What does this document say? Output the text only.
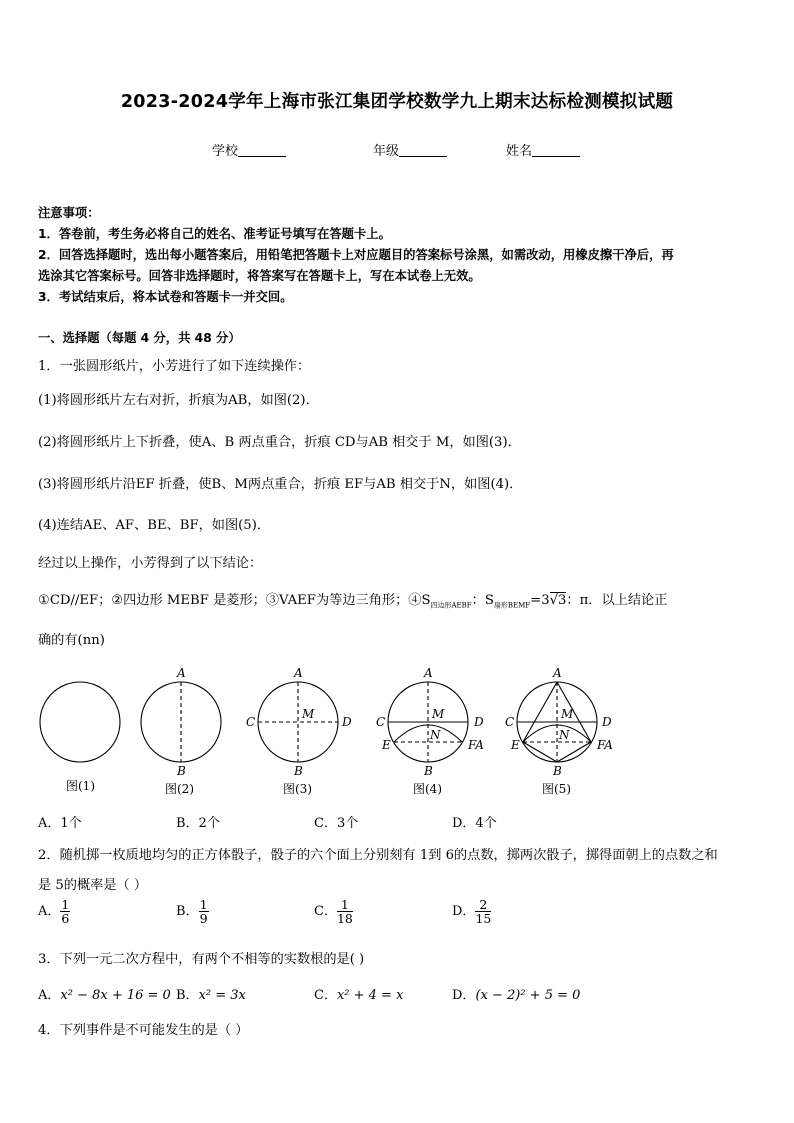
2023-2024学年上海市张江集团学校数学九上期末达标检测模拟试题
学校	年级	姓名
注意事项：
1．答卷前，考生务必将自己的姓名、准考证号填写在答题卡上。
2．回答选择题时，选出每小题答案后，用铅笔把答题卡上对应题目的答案标号涂黑，如需改动，用橡皮擦干净后，再
选涂其它答案标号。回答非选择题时，将答案写在答题卡上，写在本试卷上无效。
3．考试结束后，将本试卷和答题卡一并交回。
一、选择题（每题 4 分，共 48 分）
1．一张圆形纸片，小芳进行了如下连续操作：
(1)将圆形纸片左右对折，折痕为AB，如图(2)．
(2)将圆形纸片上下折叠，使A、B 两点重合，折痕 CD与AB 相交于 M，如图(3)．
(3)将圆形纸片沿EF 折叠，使B、M两点重合，折痕 EF与AB 相交于N，如图(4)．
(4)连结AE、AF、BE、BF，如图(5)．
经过以上操作，小芳得到了以下结论：
①CD//EF；②四边形 MEBF 是菱形；③VAEF为等边三角形；$④S_{四边形AEBF}$：$S_{扇形BEMF}=3√3$：π．以上结论正
确的有(nn)
A
B
A
B
C	D
M
A
B
C	D
M
N
E	FA
A
B
C	D
M
N
E	FA
图(1)	图(2)	图(3)	图(4)	图(5)
A．1个	B．2个	C．3个	D．4个
2．随机掷一枚质地均匀的正方体骰子，骰子的六个面上分别刻有 1到 6的点数，掷两次骰子，掷得面朝上的点数之和
是 5的概率是（ ）
A． $\frac{1}{6}$	B． $\frac{1}{9}$	C． $\frac{1}{18}$	D． $\frac{2}{15}$
3．下列一元二次方程中，有两个不相等的实数根的是( )
A．x² − 8x + 16 = 0 B．x² = 3x	C．x² + 4 = x	D．(x − 2)² + 5 = 0
4．下列事件是不可能发生的是（ ）
